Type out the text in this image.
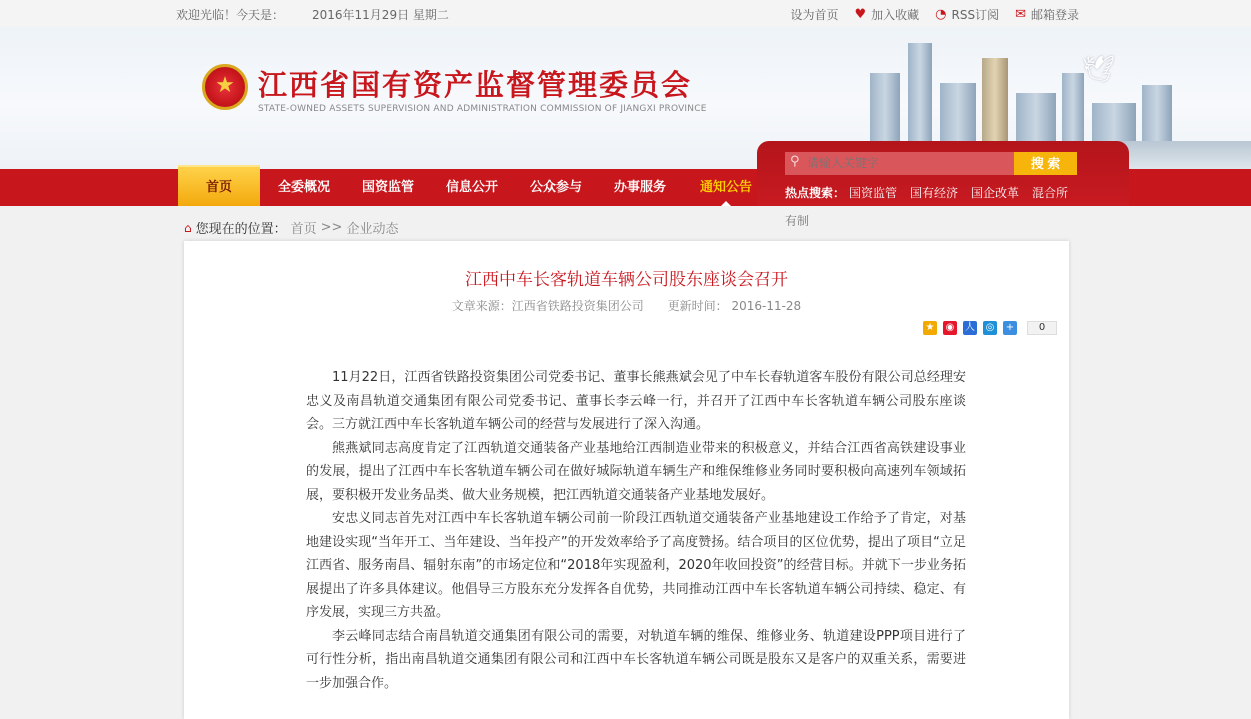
欢迎光临！今天是： 2016年11月29日 星期二	设为首页 ♥ 加入收藏 ◔ RSS订阅 ✉ 邮箱登录
★ 江西省国有资产监督管理委员会
STATE-OWNED ASSETS SUPERVISION AND ADMINISTRATION COMMISSION OF JIANGXI PROVINCE
🕊
全委概况	国资监管	信息公开	公众参与	办事服务	通知公告
首页
请输入关键字
⚲	搜 索
热点搜索： 国资监管 国有经济 国企改革 混合所
有制
⌂ 您现在的位置： 首页 >> 企业动态
江西中车长客轨道车辆公司股东座谈会召开
文章来源：江西省铁路投资集团公司 更新时间： 2016-11-28
★ ◉ 人 ◎ +	0

11月22日，江西省铁路投资集团公司党委书记、董事长熊燕斌会见了中车长春轨道客车股份有限公司总经理安忠义及南昌轨道交通集团有限公司党委书记、董事长李云峰一行，并召开了江西中车长客轨道车辆公司股东座谈会。三方就江西中车长客轨道车辆公司的经营与发展进行了深入沟通。

熊燕斌同志高度肯定了江西轨道交通装备产业基地给江西制造业带来的积极意义，并结合江西省高铁建设事业的发展，提出了江西中车长客轨道车辆公司在做好城际轨道车辆生产和维保维修业务同时要积极向高速列车领域拓展，要积极开发业务品类、做大业务规模，把江西轨道交通装备产业基地发展好。

安忠义同志首先对江西中车长客轨道车辆公司前一阶段江西轨道交通装备产业基地建设工作给予了肯定，对基地建设实现“当年开工、当年建设、当年投产”的开发效率给予了高度赞扬。结合项目的区位优势，提出了项目“立足江西省、服务南昌、辐射东南”的市场定位和“2018年实现盈利，2020年收回投资”的经营目标。并就下一步业务拓展提出了许多具体建议。他倡导三方股东充分发挥各自优势，共同推动江西中车长客轨道车辆公司持续、稳定、有序发展，实现三方共盈。

李云峰同志结合南昌轨道交通集团有限公司的需要，对轨道车辆的维保、维修业务、轨道建设PPP项目进行了可行性分析，指出南昌轨道交通集团有限公司和江西中车长客轨道车辆公司既是股东又是客户的双重关系，需要进一步加强合作。
